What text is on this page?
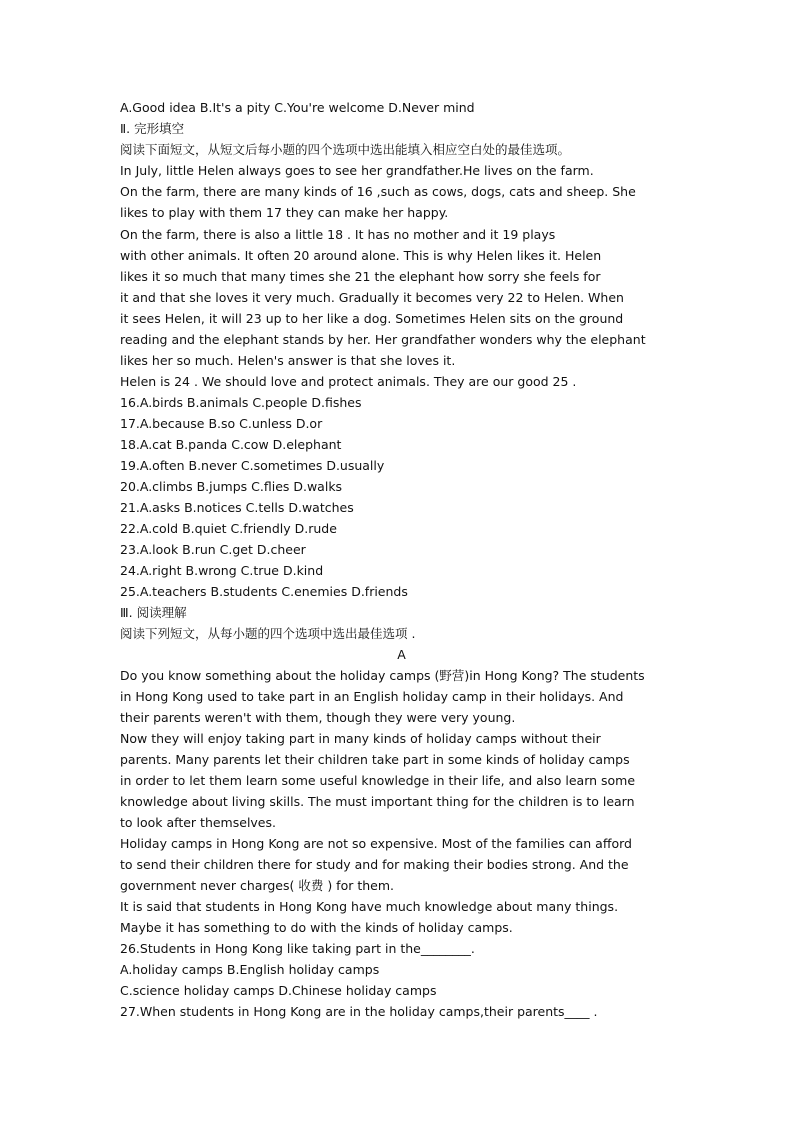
A.Good idea B.It's a pity C.You're welcome D.Never mind
Ⅱ. 完形填空
阅读下面短文，从短文后每小题的四个选项中选出能填入相应空白处的最佳选项。
In July, little Helen always goes to see her grandfather.He lives on the farm.
On the farm, there are many kinds of 16 ,such as cows, dogs, cats and sheep. She
likes to play with them 17 they can make her happy.
On the farm, there is also a little 18 . It has no mother and it 19 plays
with other animals. It often 20 around alone. This is why Helen likes it. Helen
likes it so much that many times she 21 the elephant how sorry she feels for
it and that she loves it very much. Gradually it becomes very 22 to Helen. When
it sees Helen, it will 23 up to her like a dog. Sometimes Helen sits on the ground
reading and the elephant stands by her. Her grandfather wonders why the elephant
likes her so much. Helen's answer is that she loves it.
Helen is 24 . We should love and protect animals. They are our good 25 .
16.A.birds B.animals C.people D.fishes
17.A.because B.so C.unless D.or
18.A.cat B.panda C.cow D.elephant
19.A.often B.never C.sometimes D.usually
20.A.climbs B.jumps C.flies D.walks
21.A.asks B.notices C.tells D.watches
22.A.cold B.quiet C.friendly D.rude
23.A.look B.run C.get D.cheer
24.A.right B.wrong C.true D.kind
25.A.teachers B.students C.enemies D.friends
Ⅲ. 阅读理解
阅读下列短文，从每小题的四个选项中选出最佳选项 .
A
Do you know something about the holiday camps (野营)in Hong Kong? The students
in Hong Kong used to take part in an English holiday camp in their holidays. And
their parents weren't with them, though they were very young.
Now they will enjoy taking part in many kinds of holiday camps without their
parents. Many parents let their children take part in some kinds of holiday camps
in order to let them learn some useful knowledge in their life, and also learn some
knowledge about living skills. The must important thing for the children is to learn
to look after themselves.
Holiday camps in Hong Kong are not so expensive. Most of the families can afford
to send their children there for study and for making their bodies strong. And the
government never charges( 收费 ) for them.
It is said that students in Hong Kong have much knowledge about many things.
Maybe it has something to do with the kinds of holiday camps.
26.Students in Hong Kong like taking part in the________.
A.holiday camps B.English holiday camps
C.science holiday camps D.Chinese holiday camps
27.When students in Hong Kong are in the holiday camps,their parents____ .
